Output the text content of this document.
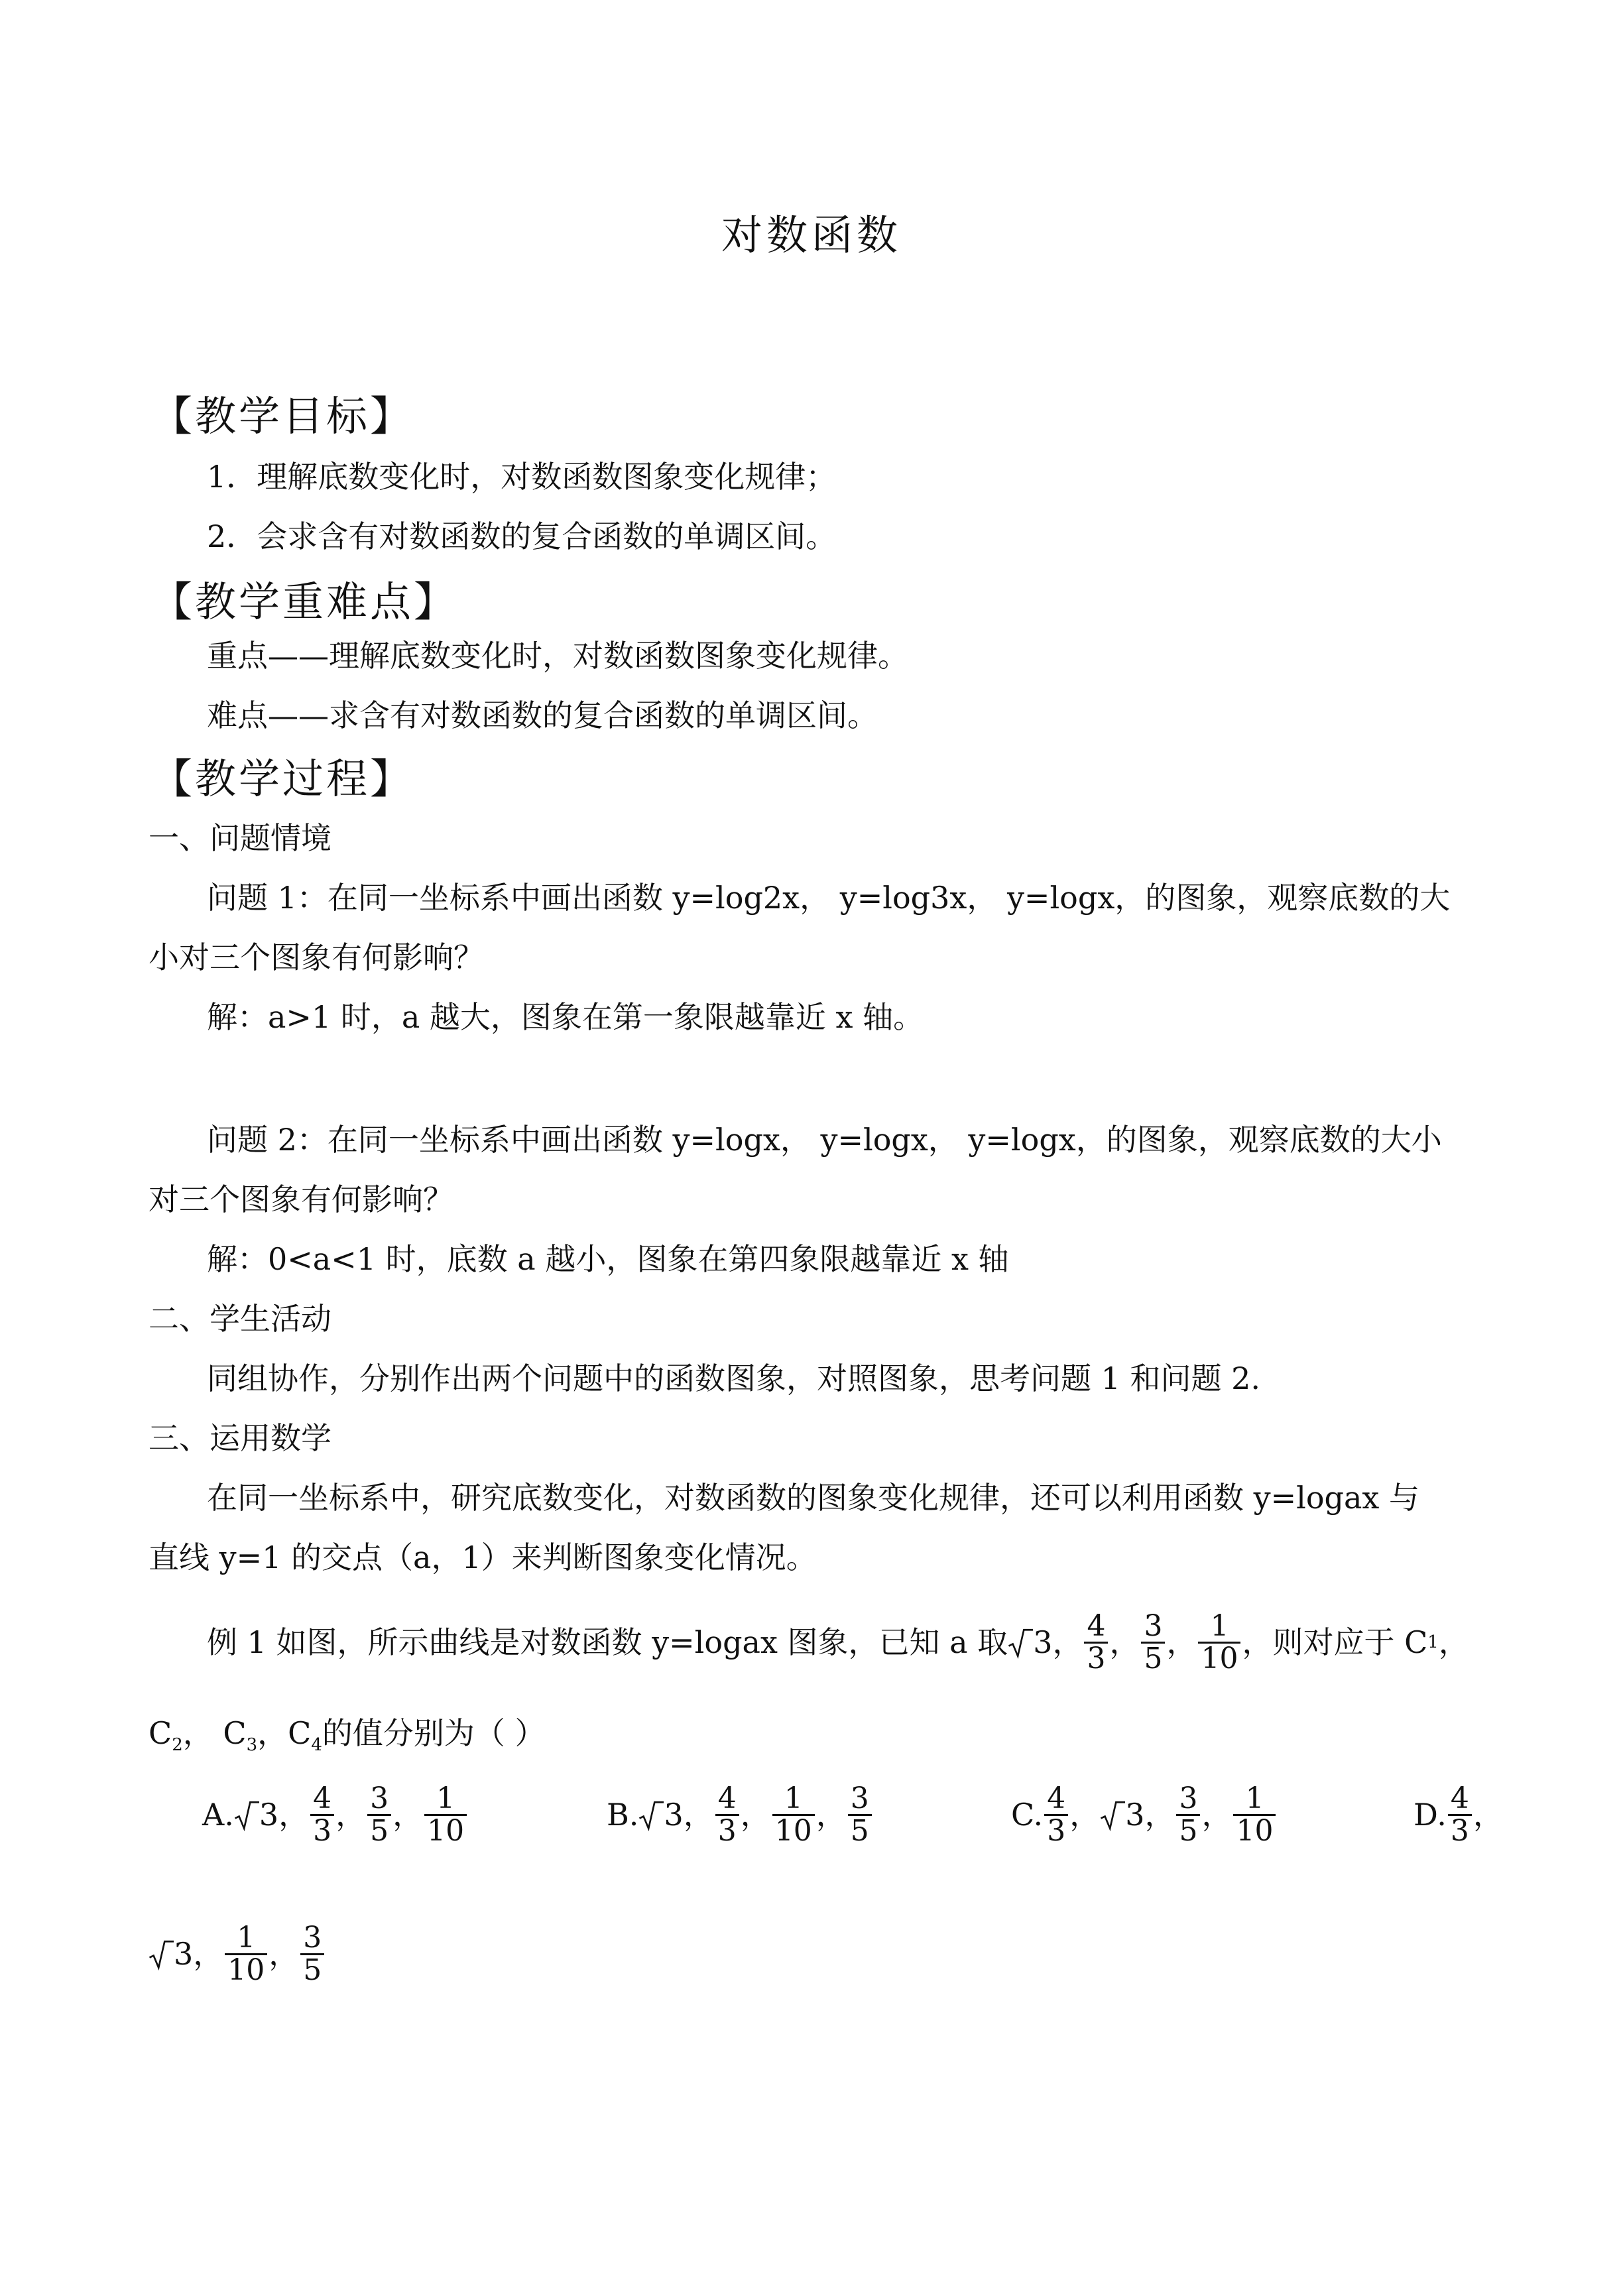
对数函数
【教学目标】
1．理解底数变化时，对数函数图象变化规律；
2．会求含有对数函数的复合函数的单调区间。
【教学重难点】
重点——理解底数变化时，对数函数图象变化规律。
难点——求含有对数函数的复合函数的单调区间。
【教学过程】
一、问题情境
问题 1：在同一坐标系中画出函数 y=log2x， y=log3x， y=logx，的图象，观察底数的大
小对三个图象有何影响？
解：a>1 时，a 越大，图象在第一象限越靠近 x 轴。
问题 2：在同一坐标系中画出函数 y=logx， y=logx， y=logx，的图象，观察底数的大小
对三个图象有何影响？
解：0<a<1 时，底数 a 越小，图象在第四象限越靠近 x 轴
二、学生活动
同组协作，分别作出两个问题中的函数图象，对照图象，思考问题 1 和问题 2.
三、运用数学
在同一坐标系中，研究底数变化，对数函数的图象变化规律，还可以利用函数 y=logax 与
直线 y=1 的交点（a，1）来判断图象变化情况。
例 1 如图，所示曲线是对数函数 y=logax 图象，已知 a 取 3 ， $\frac{4}{3}$ ， $\frac{3}{5}$ ， $\frac{1}{10}$ ，则对应于 C 1 ，
$C_2$， $C_3$，$C_4$的值分别为（ ）
A. 3 ， $\frac{4}{3}$ ， $\frac{3}{5}$ ， $\frac{1}{10}$	B. 3 ， $\frac{4}{3}$ ， $\frac{1}{10}$ ， $\frac{3}{5}$	C. $\frac{4}{3}$ ， 3 ， $\frac{3}{5}$ ， $\frac{1}{10}$	D. $\frac{4}{3}$ ，
3 ， $\frac{1}{10}$ ， $\frac{3}{5}$
